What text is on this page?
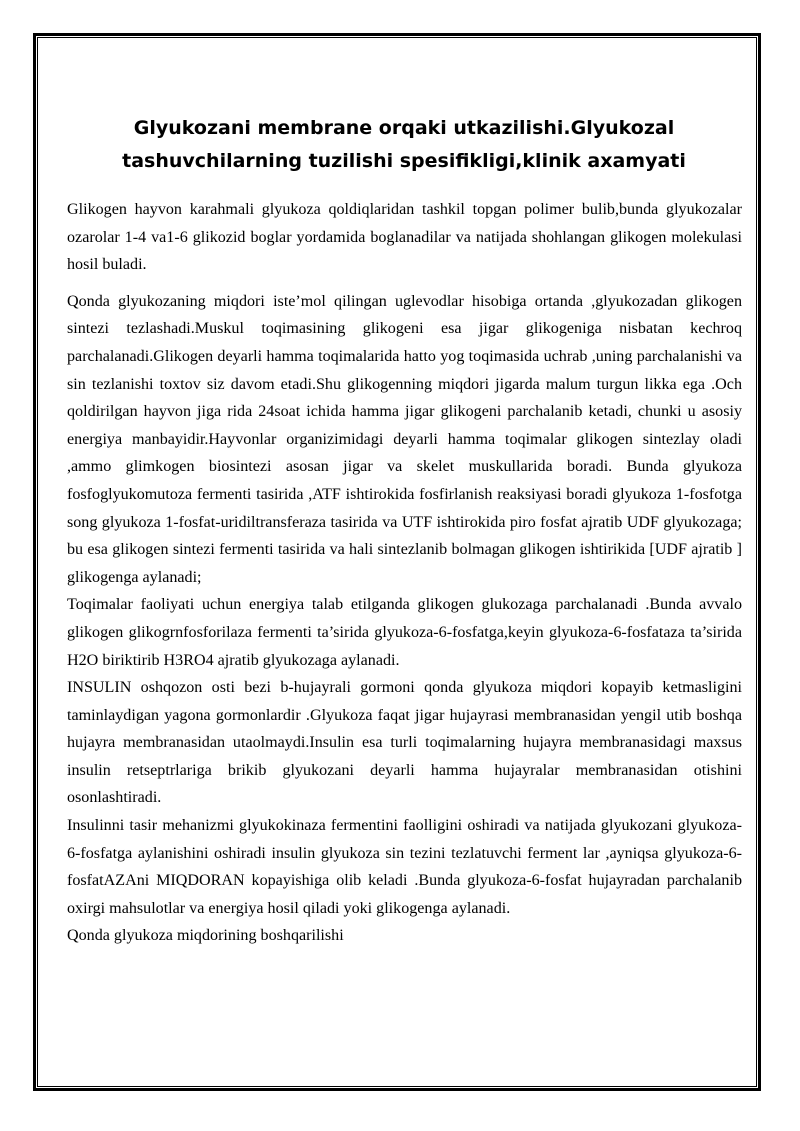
Glyukozani membrane orqaki utkazilishi.Glyukozal
tashuvchilarning tuzilishi spesifikligi,klinik axamyati

Glikogen hayvon karahmali glyukoza qoldiqlaridan tashkil topgan polimer bulib,bunda glyukozalar ozarolar 1-4 va1-6 glikozid boglar yordamida boglanadilar va natijada shohlangan glikogen molekulasi hosil buladi.

Qonda glyukozaning miqdori iste’mol qilingan uglevodlar hisobiga ortanda ,glyukozadan glikogen sintezi tezlashadi.Muskul toqimasining glikogeni esa jigar glikogeniga nisbatan kechroq parchalanadi.Glikogen deyarli hamma toqimalarida hatto yog toqimasida uchrab ,uning parchalanishi va sin tezlanishi toxtov siz davom etadi.Shu glikogenning miqdori jigarda malum turgun likka ega .Och qoldirilgan hayvon jiga rida 24soat ichida hamma jigar glikogeni parchalanib ketadi, chunki u asosiy energiya manbayidir.Hayvonlar organizimidagi deyarli hamma toqimalar glikogen sintezlay oladi ,ammo glimkogen biosintezi asosan jigar va skelet muskullarida boradi. Bunda glyukoza fosfoglyukomutoza fermenti tasirida ,ATF ishtirokida fosfirlanish reaksiyasi boradi glyukoza 1-fosfotga song glyukoza 1-fosfat-uridiltransferaza tasirida va UTF ishtirokida piro fosfat ajratib UDF glyukozaga; bu esa glikogen sintezi fermenti tasirida va hali sintezlanib bolmagan glikogen ishtirikida [UDF ajratib ] glikogenga aylanadi;

Toqimalar faoliyati uchun energiya talab etilganda glikogen glukozaga parchalanadi .Bunda avvalo glikogen glikogrnfosforilaza fermenti ta’sirida glyukoza-6-fosfatga,keyin glyukoza-6-fosfataza ta’sirida H2O biriktirib H3RO4 ajratib glyukozaga aylanadi.

INSULIN oshqozon osti bezi b-hujayrali gormoni qonda glyukoza miqdori kopayib ketmasligini taminlaydigan yagona gormonlardir .Glyukoza faqat jigar hujayrasi membranasidan yengil utib boshqa hujayra membranasidan utaolmaydi.Insulin esa turli toqimalarning hujayra membranasidagi maxsus insulin retseptrlariga brikib glyukozani deyarli hamma hujayralar membranasidan otishini osonlashtiradi.

Insulinni tasir mehanizmi glyukokinaza fermentini faolligini oshiradi va natijada glyukozani glyukoza-6-fosfatga aylanishini oshiradi insulin glyukoza sin tezini tezlatuvchi ferment lar ,ayniqsa glyukoza-6-fosfatAZAni MIQDORAN kopayishiga olib keladi .Bunda glyukoza-6-fosfat hujayradan parchalanib oxirgi mahsulotlar va energiya hosil qiladi yoki glikogenga aylanadi.

Qonda glyukoza miqdorining boshqarilishi
